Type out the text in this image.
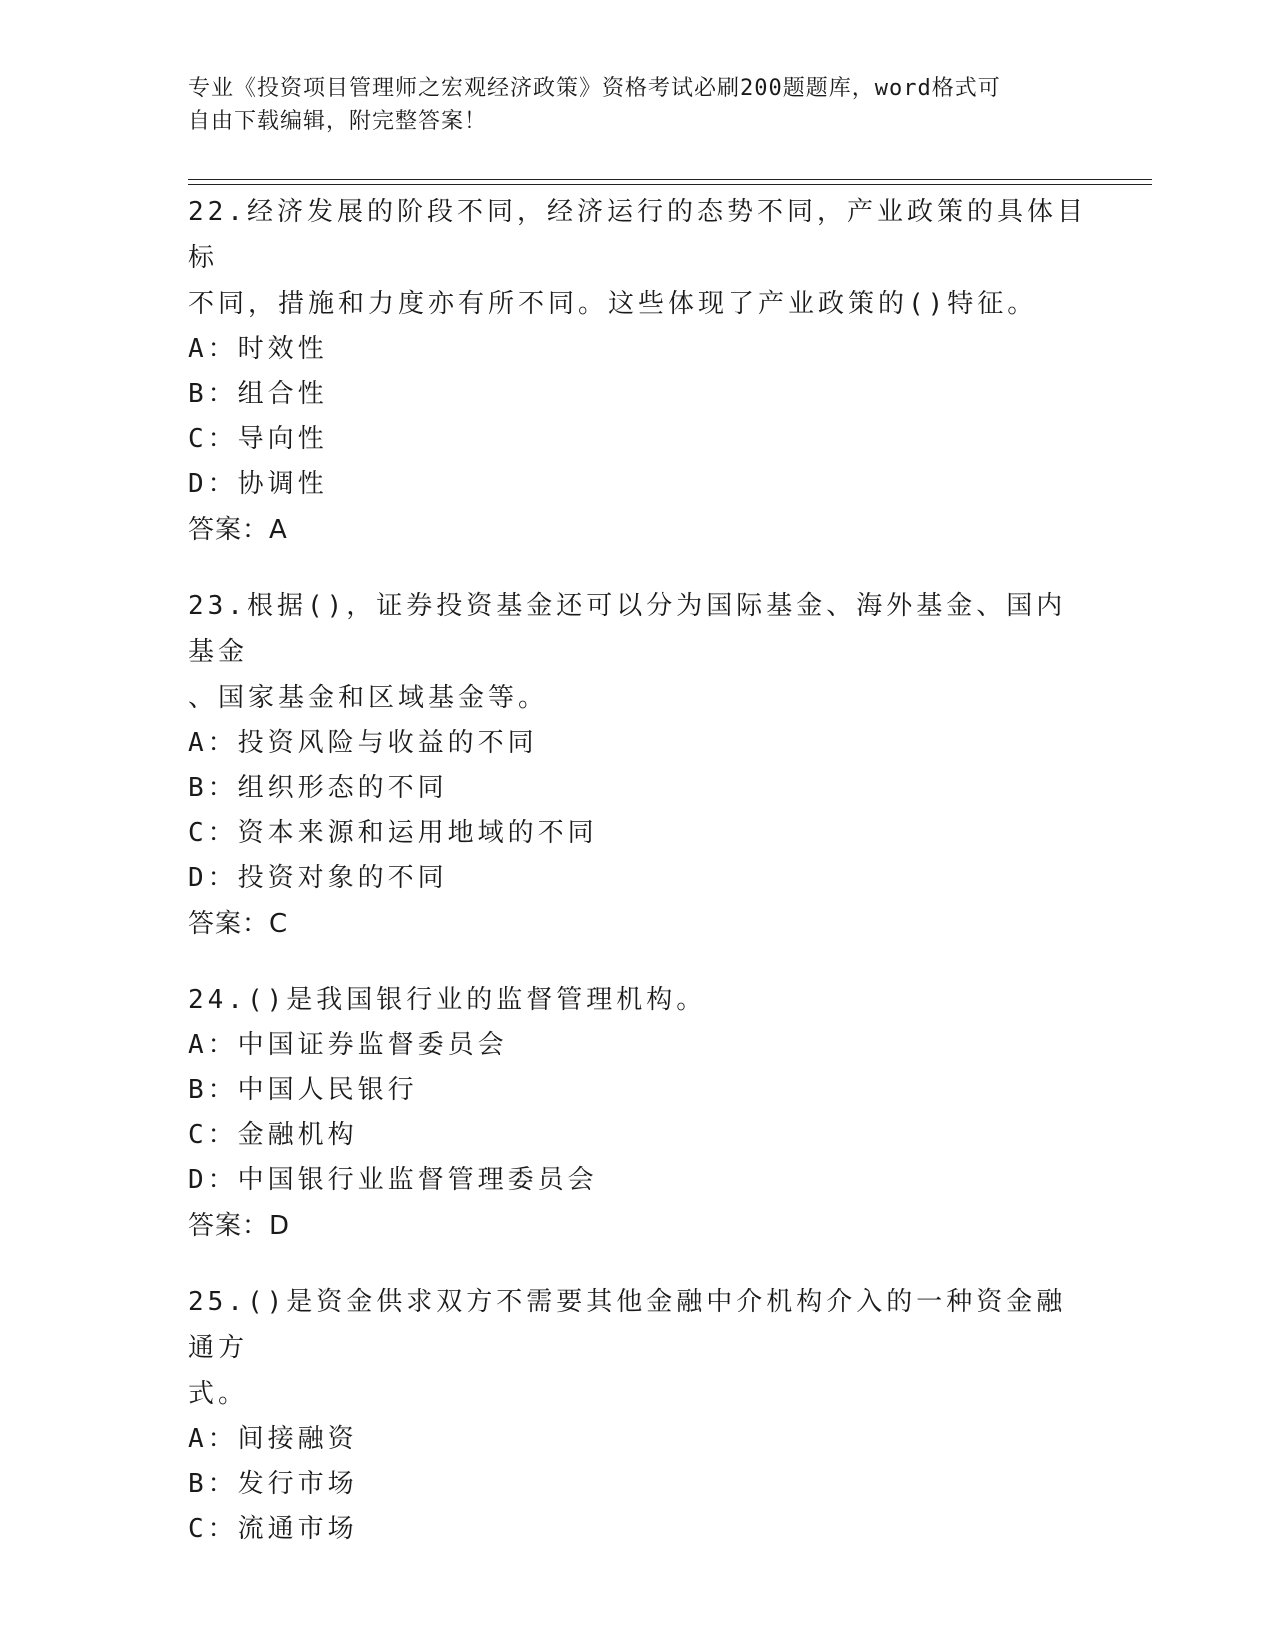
专业《投资项目管理师之宏观经济政策》资格考试必刷200题题库，word格式可
自由下载编辑，附完整答案！

22.经济发展的阶段不同，经济运行的态势不同，产业政策的具体目标

不同，措施和力度亦有所不同。这些体现了产业政策的()特征。

A：时效性

B：组合性

C：导向性

D：协调性

答案：A

23.根据()，证券投资基金还可以分为国际基金、海外基金、国内基金

、国家基金和区域基金等。

A：投资风险与收益的不同

B：组织形态的不同

C：资本来源和运用地域的不同

D：投资对象的不同

答案：C

24.()是我国银行业的监督管理机构。

A：中国证券监督委员会

B：中国人民银行

C：金融机构

D：中国银行业监督管理委员会

答案：D

25.()是资金供求双方不需要其他金融中介机构介入的一种资金融通方

式。

A：间接融资

B：发行市场

C：流通市场
